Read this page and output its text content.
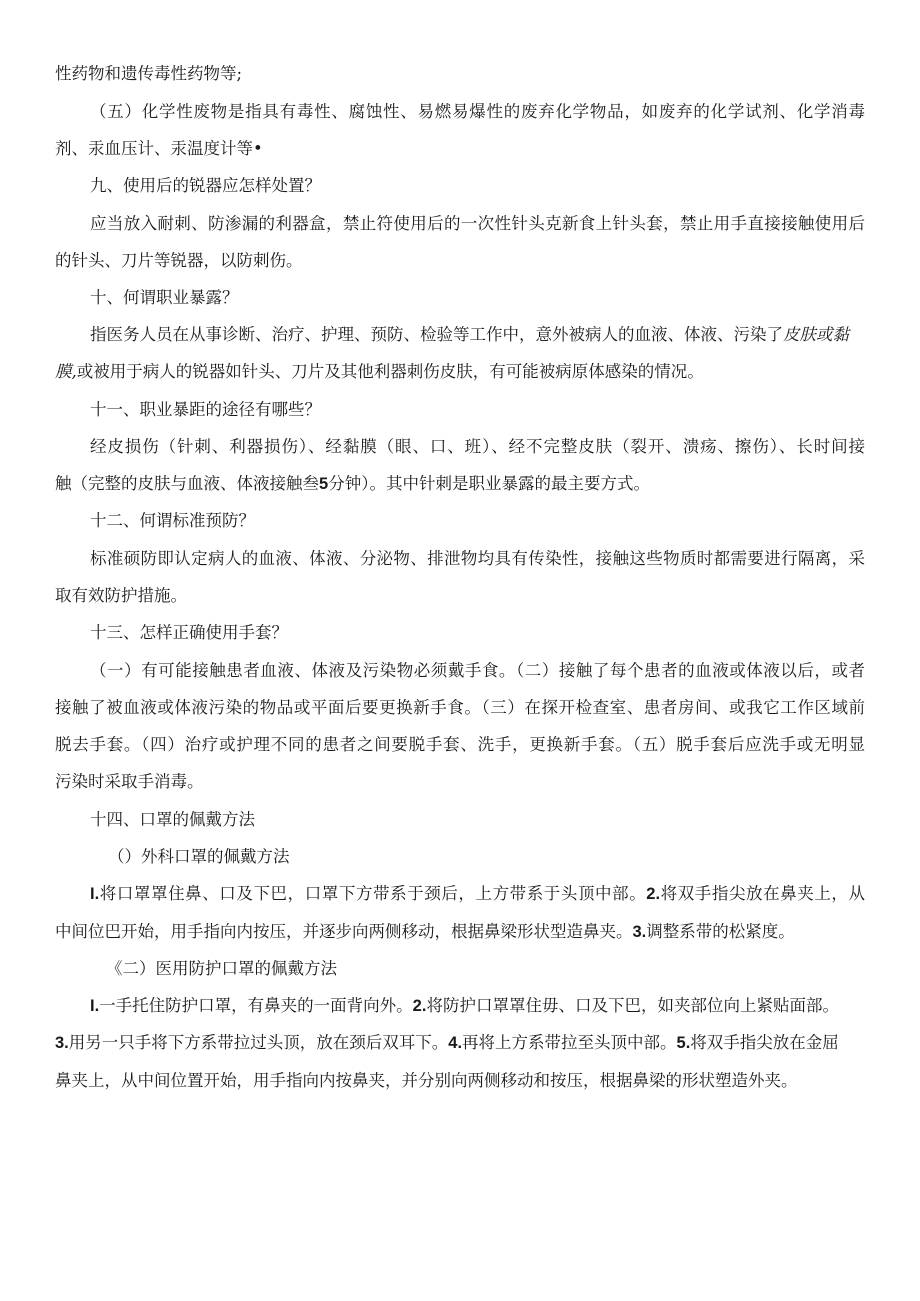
性药物和遗传毒性药物等;
（五）化学性废物是指具有毒性、腐蚀性、易燃易爆性的废弃化学物品，如废弃的化学试剂、化学消毒
剂、汞血压计、汞温度计等•
九、使用后的锐器应怎样处置？
应当放入耐刺、防渗漏的利器盒，禁止符使用后的一次性针头克新食上针头套，禁止用手直接接触使用后
的针头、刀片等锐器，以防刺伤。
十、何谓职业暴露？
指医务人员在从事诊断、治疗、护理、预防、检验等工作中，意外被病人的血液、体液、污染了皮肤或黏
膜,或被用于病人的锐器如针头、刀片及其他利器刺伤皮肤，有可能被病原体感染的情况。
十一、职业暴距的途径有哪些？
经皮损伤（针刺、利器损伤）、经黏膜（眼、口、班）、经不完整皮肤（裂开、溃疡、擦伤）、长时间接
触（完整的皮肤与血液、体液接触叁5分钟）。其中针刺是职业暴露的最主要方式。
十二、何谓标准预防？
标准硕防即认定病人的血液、体液、分泌物、排泄物均具有传染性，接触这些物质时都需要进行隔离，采
取有效防护措施。
十三、怎样正确使用手套？
（一）有可能接触患者血液、体液及污染物必须戴手食。（二）接触了每个患者的血液或体液以后，或者
接触了被血液或体液污染的物品或平面后要更换新手食。（三）在探开检查室、患者房间、或我它工作区域前
脱去手套。（四）治疗或护理不同的患者之间要脱手套、洗手，更换新手套。（五）脱手套后应洗手或无明显
污染时采取手消毒。
十四、口罩的佩戴方法
（）外科口罩的佩戴方法
I.将口罩罩住鼻、口及下巴，口罩下方带系于颈后，上方带系于头顶中部。2.将双手指尖放在鼻夹上，从
中间位巴开始，用手指向内按压，并逐步向两侧移动，根据鼻梁形状型造鼻夹。3.调整系带的松紧度。
《二）医用防护口罩的佩戴方法
I.一手托住防护口罩，有鼻夹的一面背向外。2.将防护口罩罩住毋、口及下巴，如夹部位向上紧贴面部。
3.用另一只手将下方系带拉过头顶，放在颈后双耳下。4.再将上方系带拉至头顶中部。5.将双手指尖放在金屈
鼻夹上，从中间位置开始，用手指向内按鼻夹，并分别向两侧移动和按压，根据鼻梁的形状塑造外夹。
